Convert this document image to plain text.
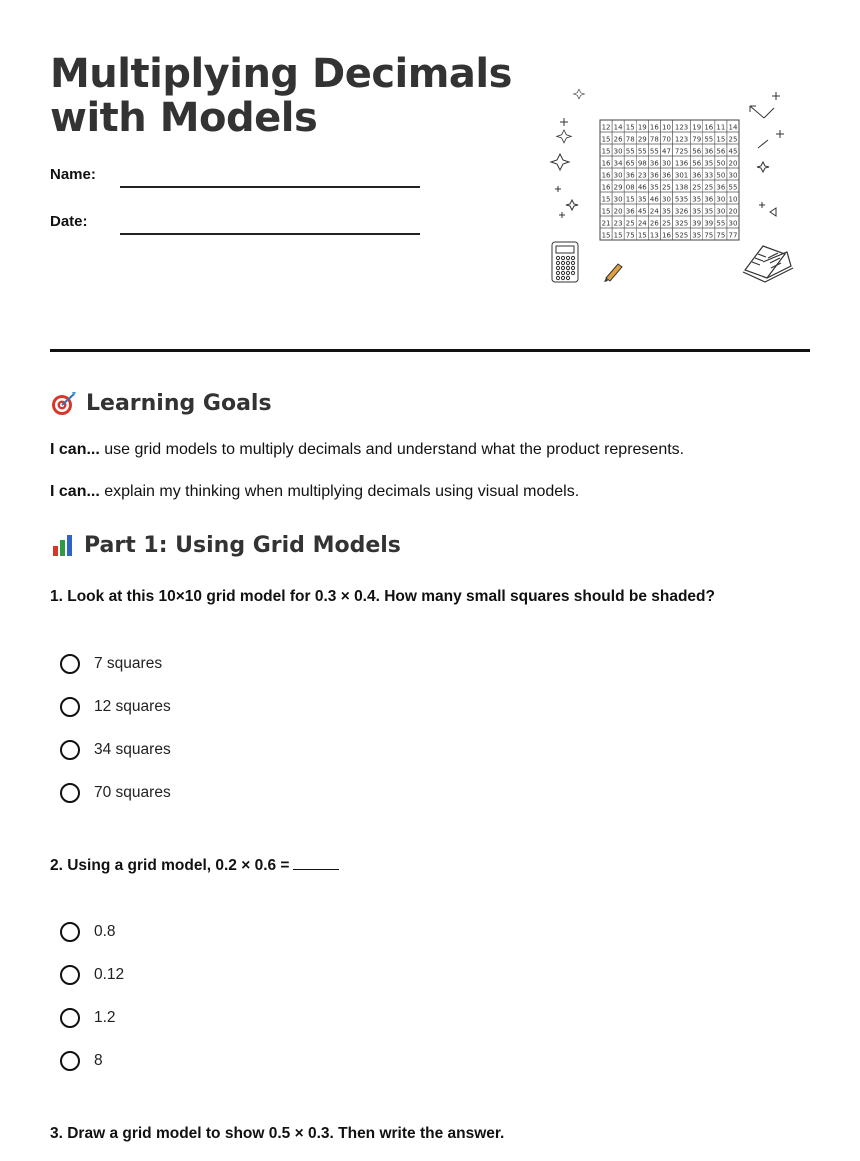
Multiplying Decimals
with Models
Name:
Date:
12 14 15 19 16 10 123 19 16 11 14
15 26 78 29 78 70 123 79 55 15 25
15 30 55 55 55 47 725 56 36 56 45
16 34 65 98 36 30 136 56 35 50 20
16 30 36 23 36 36 301 36 33 50 30
16 29 08 46 35 25 138 25 25 36 55
15 30 15 35 46 30 535 35 36 30 10
15 20 36 45 24 35 326 35 35 30 20
21 23 25 24 26 25 325 39 39 55 30
15 15 75 15 13 16 525 35 75 75 77
Learning Goals
I can... use grid models to multiply decimals and understand what the product represents.
I can... explain my thinking when multiplying decimals using visual models.
Part 1: Using Grid Models
1. Look at this 10×10 grid model for 0.3 × 0.4. How many small squares should be shaded?
7 squares
12 squares
34 squares
70 squares
2. Using a grid model, 0.2 × 0.6 =
0.8
0.12
1.2
8
3. Draw a grid model to show 0.5 × 0.3. Then write the answer.
